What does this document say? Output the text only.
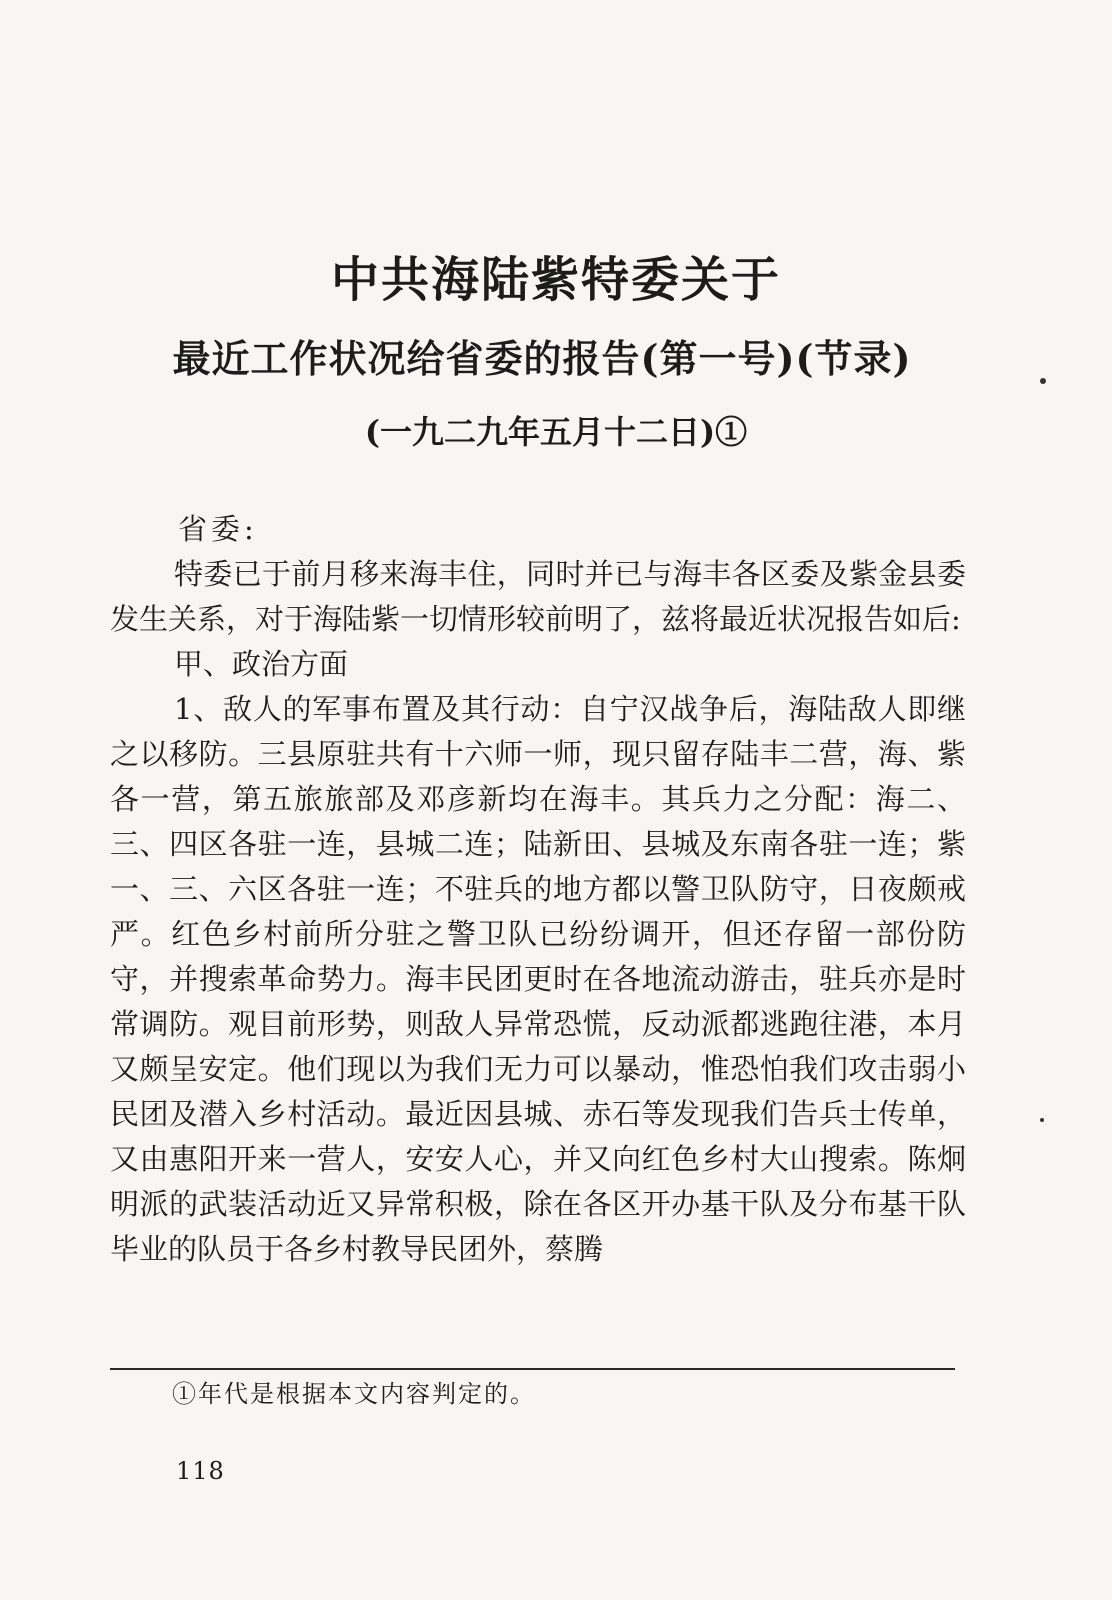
中共海陆紫特委关于
最近工作状况给省委的报告(第一号)(节录)
(一九二九年五月十二日)①

省委:

特委已于前月移来海丰住，同时并已与海丰各区委及紫金县委发生关系，对于海陆紫一切情形较前明了，兹将最近状况报告如后:

甲、政治方面

1、敌人的军事布置及其行动：自宁汉战争后，海陆敌人即继之以移防。三县原驻共有十六师一师，现只留存陆丰二营，海、紫各一营，第五旅旅部及邓彦新均在海丰。其兵力之分配：海二、三、四区各驻一连，县城二连；陆新田、县城及东南各驻一连；紫一、三、六区各驻一连；不驻兵的地方都以警卫队防守，日夜颇戒严。红色乡村前所分驻之警卫队已纷纷调开，但还存留一部份防守，并搜索革命势力。海丰民团更时在各地流动游击，驻兵亦是时常调防。观目前形势，则敌人异常恐慌，反动派都逃跑往港，本月又颇呈安定。他们现以为我们无力可以暴动，惟恐怕我们攻击弱小民团及潜入乡村活动。最近因县城、赤石等发现我们告兵士传单，又由惠阳开来一营人，安安人心，并又向红色乡村大山搜索。陈炯明派的武装活动近又异常积极，除在各区开办基干队及分布基干队毕业的队员于各乡村教导民团外，蔡腾

①年代是根据本文内容判定的。
118
